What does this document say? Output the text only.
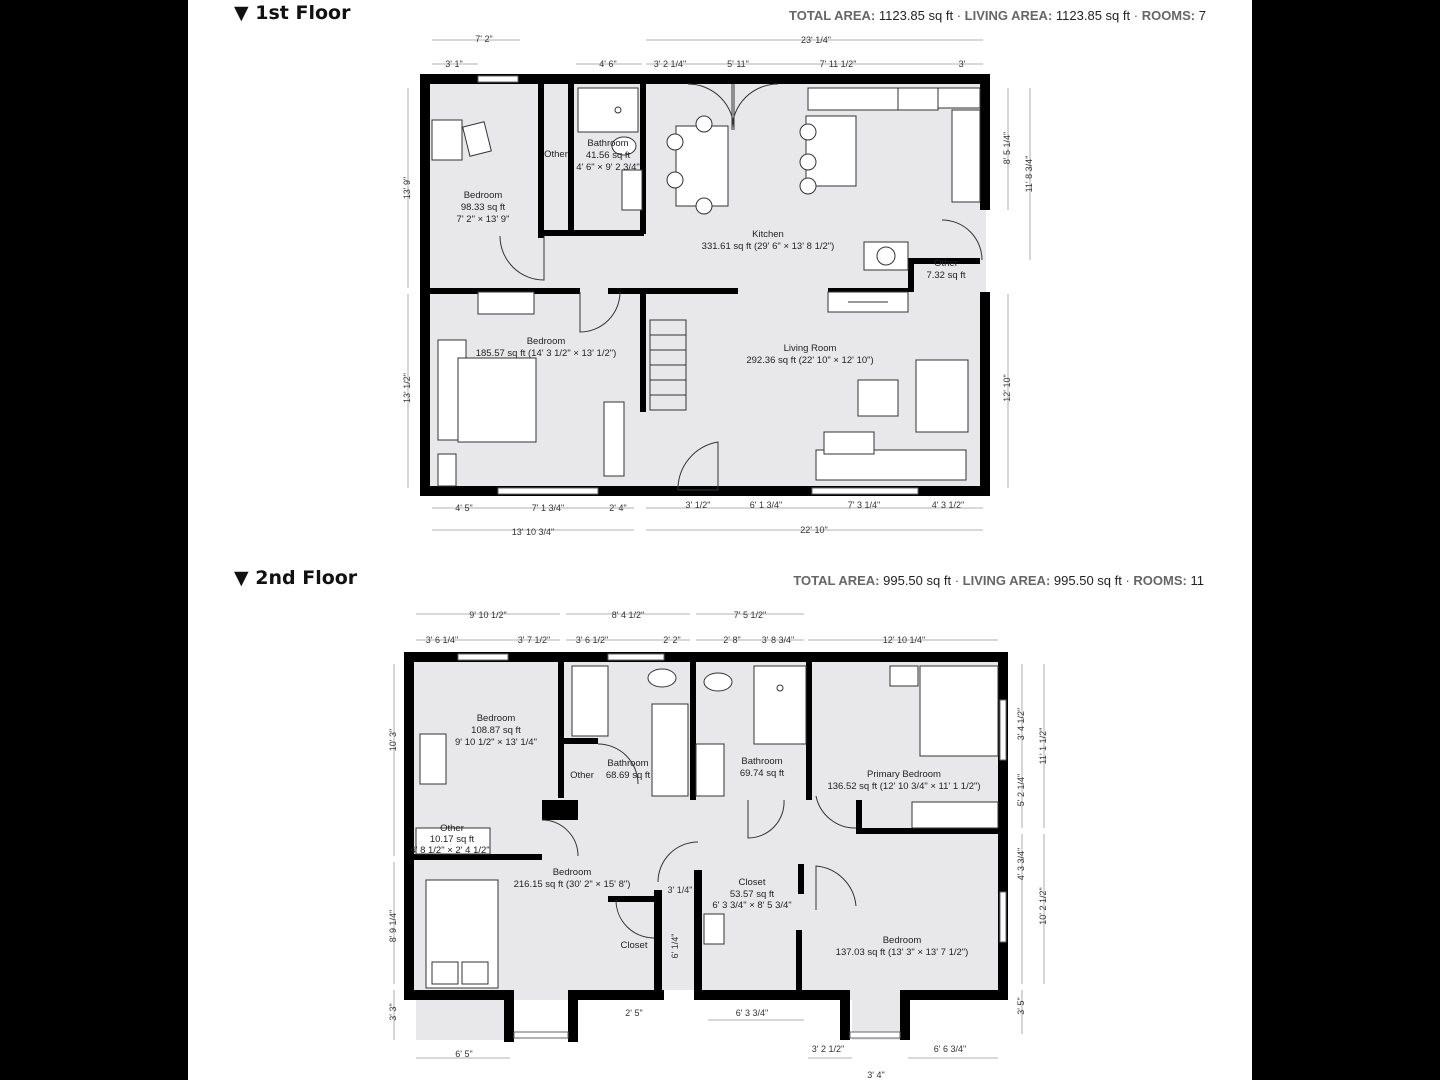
▼ 1st Floor	TOTAL AREA: 1123.85 sq ft · LIVING AREA: 1123.85 sq ft · ROOMS: 7
Bedroom
98.33 sq ft
7' 2" × 13' 9"
Other
Bathroom
41.56 sq ft
4' 6" × 9' 2 3/4"
Kitchen
331.61 sq ft (29' 6" × 13' 8 1/2")
Other
7.32 sq ft
Bedroom
185.57 sq ft (14' 3 1/2" × 13' 1/2")	Living Room
292.36 sq ft (22' 10" × 12' 10")
7' 2"
3' 1"	4' 6"	3' 2 1/4"	5' 11"	7' 11 1/2"	3'
23' 1/4"
13' 9"
13' 1/2"
8' 5 1/4"
11' 8 3/4"
12' 10"
4' 5"	7' 1 3/4"	2' 4"
13' 10 3/4"
3' 1/2"	6' 1 3/4"	7' 3 1/4"	4' 3 1/2"
22' 10"
▼ 2nd Floor	TOTAL AREA: 995.50 sq ft · LIVING AREA: 995.50 sq ft · ROOMS: 11
Bedroom
108.87 sq ft
9' 10 1/2" × 13' 1/4"
Other
Bathroom
68.69 sq ft
Bathroom
69.74 sq ft	Primary Bedroom
136.52 sq ft (12' 10 3/4" × 11' 1 1/2")
Other
10.17 sq ft
4' 8 1/2" × 2' 4 1/2"
Bedroom
216.15 sq ft (30' 2" × 15' 8")	Closet
53.57 sq ft
6' 3 3/4" × 8' 5 3/4"
Closet	Bedroom
137.03 sq ft (13' 3" × 13' 7 1/2")
9' 10 1/2"	8' 4 1/2"	7' 5 1/2"
3' 6 1/4"	3' 7 1/2"	3' 6 1/2"	2' 2"	2' 8" 3' 8 3/4"	12' 10 1/4"
10' 3"
8' 9 1/4"
3' 3"
3' 4 1/2"
5' 2 1/4"
11' 1 1/2"
4' 3 3/4"
10' 2 1/2"
3' 5"
3' 1/4"
6' 1/4"
2' 5"
6' 5"
6' 3 3/4"
3' 2 1/2"	6' 6 3/4"
3' 4"
